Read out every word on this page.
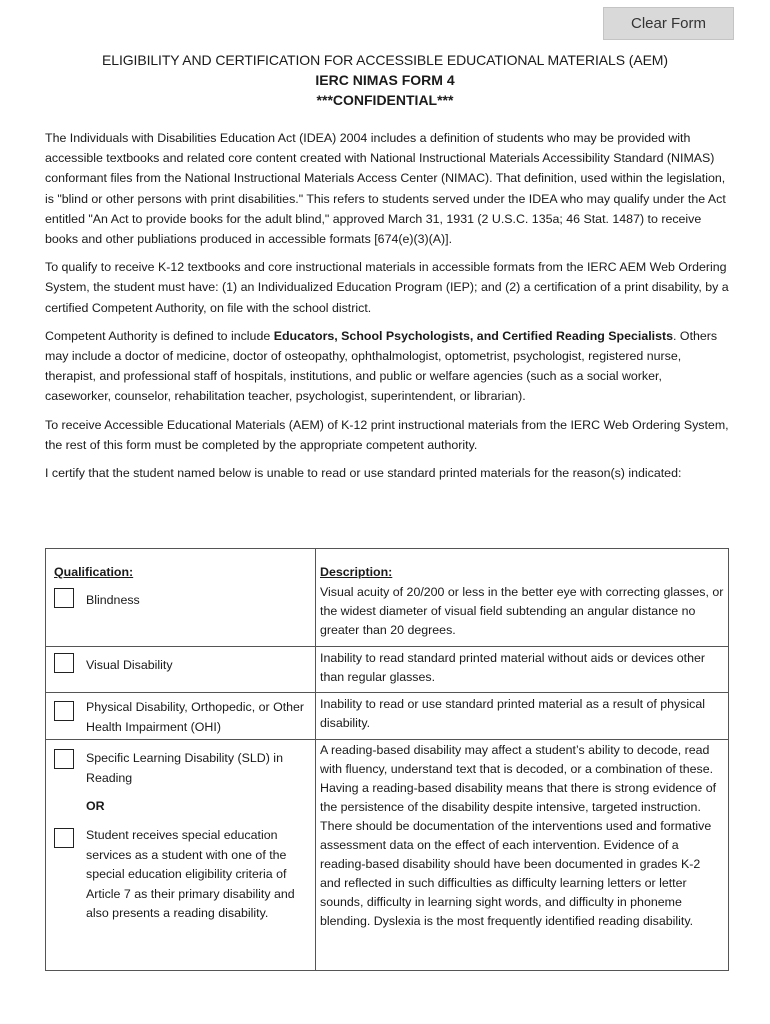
Clear Form
ELIGIBILITY AND CERTIFICATION FOR ACCESSIBLE EDUCATIONAL MATERIALS (AEM)
IERC NIMAS FORM 4
***CONFIDENTIAL***

The Individuals with Disabilities Education Act (IDEA) 2004 includes a definition of students who may be provided with accessible textbooks and related core content created with National Instructional Materials Accessibility Standard (NIMAS) conformant files from the National Instructional Materials Access Center (NIMAC). That definition, used within the legislation, is "blind or other persons with print disabilities." This refers to students served under the IDEA who may qualify under the Act entitled "An Act to provide books for the adult blind," approved March 31, 1931 (2 U.S.C. 135a; 46 Stat. 1487) to receive books and other publiations produced in accessible formats [674(e)(3)(A)].

To qualify to receive K-12 textbooks and core instructional materials in accessible formats from the IERC AEM Web Ordering System, the student must have: (1) an Individualized Education Program (IEP); and (2) a certification of a print disability, by a certified Competent Authority, on file with the school district.

Competent Authority is defined to include Educators, School Psychologists, and Certified Reading Specialists. Others may include a doctor of medicine, doctor of osteopathy, ophthalmologist, optometrist, psychologist, registered nurse, therapist, and professional staff of hospitals, institutions, and public or welfare agencies (such as a social worker, caseworker, counselor, rehabilitation teacher, psychologist, superintendent, or librarian).

To receive Accessible Educational Materials (AEM) of K-12 print instructional materials from the IERC Web Ordering System, the rest of this form must be completed by the appropriate competent authority.

I certify that the student named below is unable to read or use standard printed materials for the reason(s) indicated:

Qualification:	Description:
Blindness
Visual acuity of 20/200 or less in the better eye with correcting glasses, or the widest diameter of visual field subtending an angular distance no greater than 20 degrees.
Visual Disability	Inability to read standard printed material without aids or devices other than regular glasses.
Physical Disability, Orthopedic, or Other Health Impairment (OHI)
Inability to read or use standard printed material as a result of physical disability.
Specific Learning Disability (SLD) in Reading
OR
Student receives special education services as a student with one of the special education eligibility criteria of Article 7 as their primary disability and also presents a reading disability.
A reading-based disability may affect a student’s ability to decode, read with fluency, understand text that is decoded, or a combination of these. Having a reading-based disability means that there is strong evidence of the persistence of the disability despite intensive, targeted instruction. There should be documentation of the interventions used and formative assessment data on the effect of each intervention. Evidence of a reading-based disability should have been documented in grades K-2 and reflected in such difficulties as difficulty learning letters or letter sounds, difficulty in learning sight words, and difficulty in phoneme blending. Dyslexia is the most frequently identified reading disability.
